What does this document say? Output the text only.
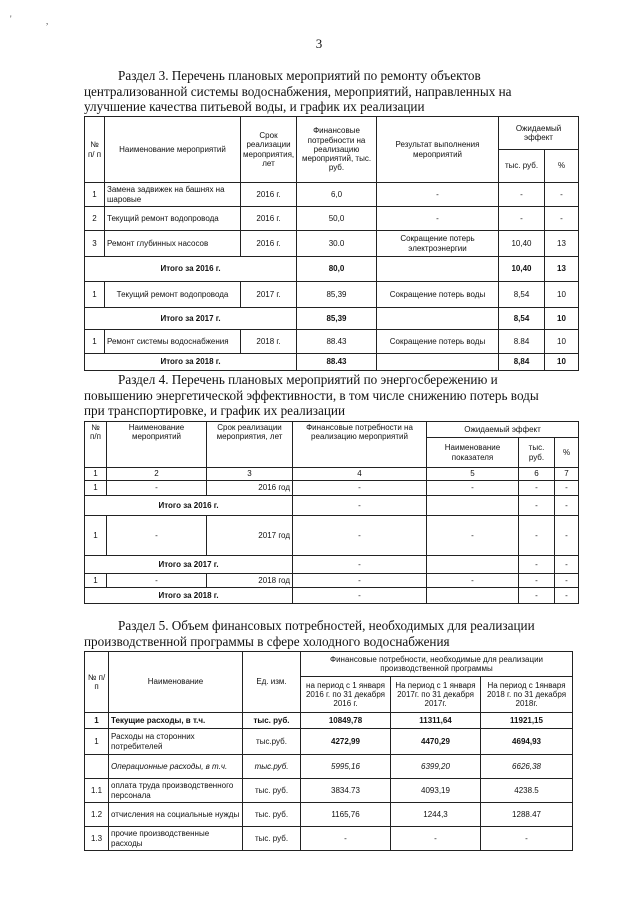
'	,
3
Раздел 3. Перечень плановых мероприятий по ремонту объектов
централизованной системы водоснабжения, мероприятий, направленных на
улучшение качества питьевой воды, и график их реализации
№ п/ п	Наименование мероприятий	Срок реализации мероприятия, лет	Финансовые потребности на реализацию мероприятий, тыс. руб.	Результат выполнения мероприятий	Ожидаемый эффект	
					тыс. руб.	%
1	Замена задвижек на башнях на шаровые	2016 г.	6,0	-	-	-
2	Текущий ремонт водопровода	2016 г.	50,0	-	-	-
3	Ремонт глубинных насосов	2016 г.	30.0	Сокращение потерь электроэнергии	10,40	13
Итого за 2016 г.			80,0		10,40	13
1	Текущий ремонт водопровода	2017 г.	85,39	Сокращение потерь воды	8,54	10
Итого за 2017 г.			85,39		8,54	10
1	Ремонт системы водоснабжения	2018 г.	88.43	Сокращение потерь воды	8.84	10
Итого за 2018 г.			88.43		8,84	10
Раздел 4. Перечень плановых мероприятий по энергосбережению и
повышению энергетической эффективности, в том числе снижению потерь воды
при транспортировке, и график их реализации
№ п/п	Наименование мероприятий	Срок реализации мероприятия, лет	Финансовые потребности на реализацию мероприятий	Ожидаемый эффект		
				Наименование показателя	тыс. руб.	%
1	2	3	4	5	6	7
1	-	2016 год	-	-	-	-
Итого за 2016 г.			-		-	-
1	-	2017 год	-	-	-	-
Итого за 2017 г.			-		-	-
1	-	2018 год	-	-	-	-
Итого за 2018 г.			-		-	-
Раздел 5. Объем финансовых потребностей, необходимых для реализации
производственной программы в сфере холодного водоснабжения
№ п/п	Наименование	Ед. изм.	Финансовые потребности, необходимые для реализации производственной программы		
			на период с 1 января 2016 г. по 31 декабря 2016 г.	На период с 1 января 2017г. по 31 декабря 2017г.	На период с 1января 2018 г. по 31 декабря 2018г.
1	Текущие расходы, в т.ч.	тыс. руб.	10849,78	11311,64	11921,15
1	Расходы на сторонних потребителей	тыс.руб.	4272,99	4470,29	4694,93
	Операционные расходы, в т.ч.	тыс.руб.	5995,16	6399,20	6626,38
1.1	оплата труда производственного персонала	тыс. руб.	3834.73	4093,19	4238.5
1.2	отчисления на социальные нужды	тыс. руб.	1165,76	1244,3	1288.47
1.3	прочие производственные расходы	тыс. руб.	-	-	-
